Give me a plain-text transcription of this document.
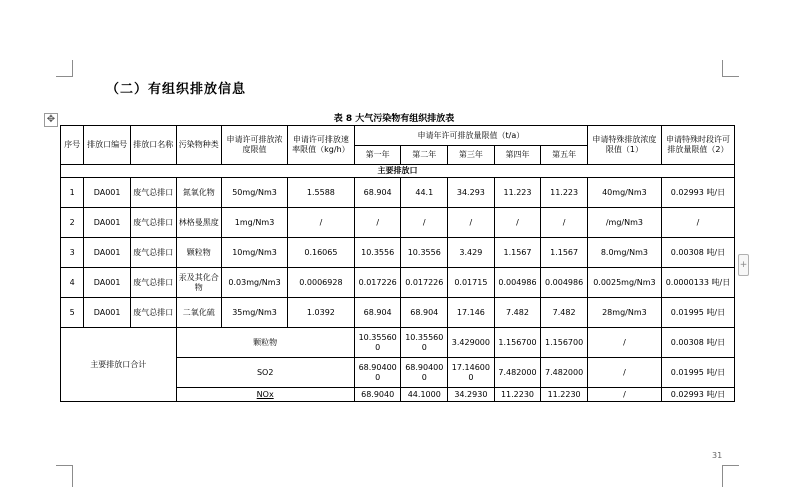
（二）有组织排放信息
表 8 大气污染物有组织排放表
✥
+
序号	排放口编号	排放口名称	污染物种类	申请许可排放浓度限值	申请许可排放速率限值（kg/h）	申请年许可排放量限值（t/a）					申请特殊排放浓度限值（1）	申请特殊时段许可排放量限值（2）
						第一年	第二年	第三年	第四年	第五年		
主要排放口												
1	DA001	废气总排口	氮氧化物	50mg/Nm3	1.5588	68.904	44.1	34.293	11.223	11.223	40mg/Nm3	0.02993 吨/日
2	DA001	废气总排口	林格曼黑度	1mg/Nm3	/	/	/	/	/	/	/mg/Nm3	/
3	DA001	废气总排口	颗粒物	10mg/Nm3	0.16065	10.3556	10.3556	3.429	1.1567	1.1567	8.0mg/Nm3	0.00308 吨/日
4	DA001	废气总排口	汞及其化合物	0.03mg/Nm3	0.0006928	0.017226	0.017226	0.01715	0.004986	0.004986	0.0025mg/Nm3	0.0000133 吨/日
5	DA001	废气总排口	二氧化硫	35mg/Nm3	1.0392	68.904	68.904	17.146	7.482	7.482	28mg/Nm3	0.01995 吨/日
主要排放口合计			颗粒物			10.355600	10.355600	3.429000	1.156700	1.156700	/	0.00308 吨/日
			SO2			68.904000	68.904000	17.146000	7.482000	7.482000	/	0.01995 吨/日
			NOx			68.9040	44.1000	34.2930	11.2230	11.2230	/	0.02993 吨/日
31
